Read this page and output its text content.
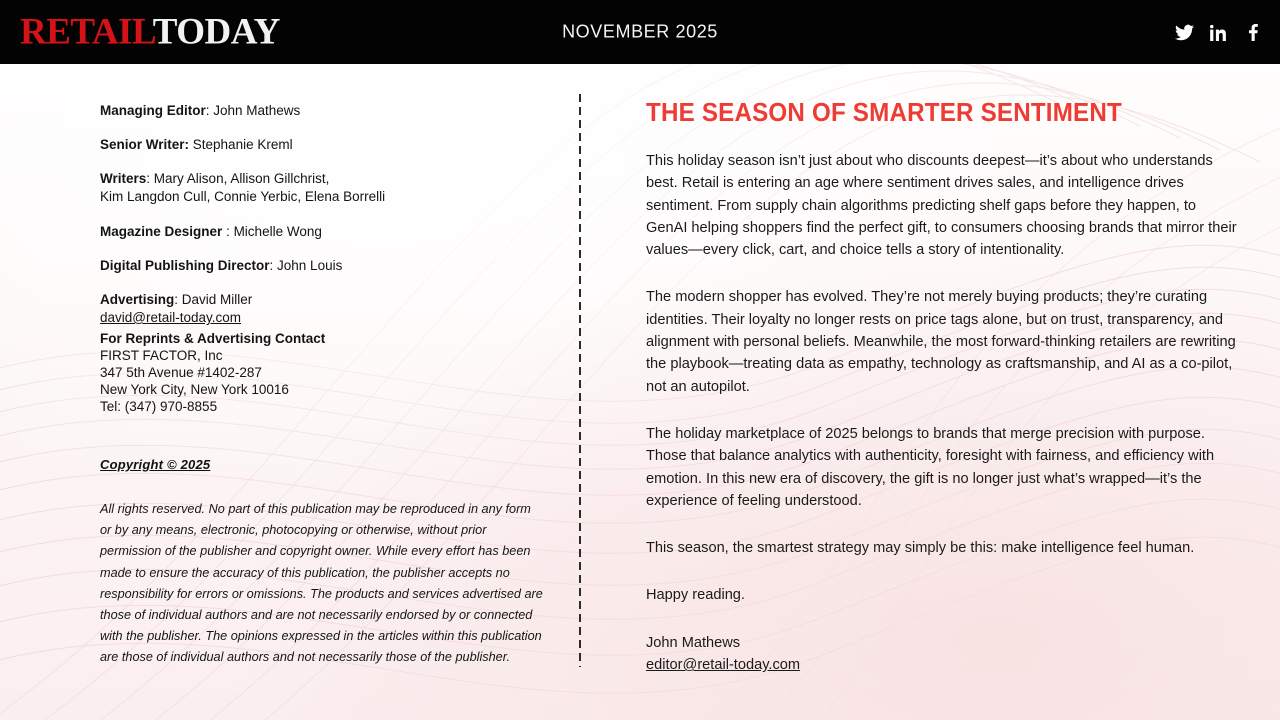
RETAILTODAY	NOVEMBER 2025
Managing Editor: John Mathews
Senior Writer: Stephanie Kreml
Writers: Mary Alison, Allison Gillchrist,
Kim Langdon Cull, Connie Yerbic, Elena Borrelli
Magazine Designer : Michelle Wong
Digital Publishing Director: John Louis
Advertising: David Miller
david@retail-today.com
For Reprints & Advertising Contact
FIRST FACTOR, Inc
347 5th Avenue #1402-287
New York City, New York 10016
Tel: (347) 970-8855
Copyright © 2025
All rights reserved. No part of this publication may be reproduced in any form or by any means, electronic, photocopying or otherwise, without prior permission of the publisher and copyright owner. While every effort has been made to ensure the accuracy of this publication, the publisher accepts no responsibility for errors or omissions. The products and services advertised are those of individual authors and are not necessarily endorsed by or connected with the publisher. The opinions expressed in the articles within this publication are those of individual authors and not necessarily those of the publisher.
THE SEASON OF SMARTER SENTIMENT

This holiday season isn’t just about who discounts deepest—it’s about who understands best. Retail is entering an age where sentiment drives sales, and intelligence drives sentiment. From supply chain algorithms predicting shelf gaps before they happen, to GenAI helping shoppers find the perfect gift, to consumers choosing brands that mirror their values—every click, cart, and choice tells a story of intentionality.

The modern shopper has evolved. They’re not merely buying products; they’re curating identities. Their loyalty no longer rests on price tags alone, but on trust, transparency, and alignment with personal beliefs. Meanwhile, the most forward-thinking retailers are rewriting the playbook—treating data as empathy, technology as craftsmanship, and AI as a co-pilot, not an autopilot.

The holiday marketplace of 2025 belongs to brands that merge precision with purpose. Those that balance analytics with authenticity, foresight with fairness, and efficiency with emotion. In this new era of discovery, the gift is no longer just what’s wrapped—it’s the experience of feeling understood.

This season, the smartest strategy may simply be this: make intelligence feel human.

Happy reading.

John Mathews
editor@retail-today.com
